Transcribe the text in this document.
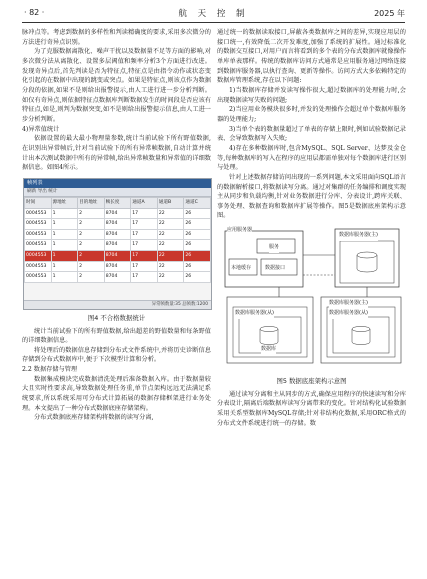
· 82 ·	航 天 控 制	2025 年

脉冲点等。考虑到数据的多样性和判读精确度的要求,采用多次微分的方法进行奇异点识别。

为了克服数据离散化、噪声干扰以及数据量不足等方面的影响,对多次微分法从离散化、设置多层阈值和频率分析3个方面进行改进。发现奇异点后,首先判读是否为特征点,特征点是由指令动作或状态变化引起的在数据中出现的跳变或突点。如果是特征点,则该点作为数据分段的依据,如果不是则给出报警提示,由人工进行进一步分析判断。如仅有奇异点,则依据特征点数据库判断数据发生的时间段是否应该有特征点,如是,则判为数据突变,如不是则给出报警提示信息,由人工进一步分析判断。

4)异常值统计

依据设置的最大最小物理量参数,统计当前试验下所有野值数据,在识别出异常帧后,针对当前试验下的所有异常帧数据,自动计算并统计出本次测试数据中所有的异常帧,给出异常帧数量和异常值的详细数据信息。如图4所示。

帧列表
刷新 导出 统计
时间	源地址	目的地址	帧长度	通道A	通道B	通道C
0004553	1	2	8704	17	22	26
0004553	1	2	8704	17	22	26
0004553	1	2	8704	17	22	26
0004553	1	2	8704	17	22	26
0004553	1	2	8704	17	22	26
0004553	1	2	8704	17	22	26
0004553	1	2	8704	17	22	26
异常帧数量:35 总帧数:1200
图4 不合格数据统计

统计当前试验下的所有野值数据,给出超差的野值数量和每条野值的详细数据信息。

将处理后的数据信息存储到分布式文件系统中,并将历史诊断信息存储到分布式数据库中,便于下次模型计算和分析。

2.2 数据存储与管理

数据集成模块完成数据清洗处理后准备数据入库。由于数据量较大且实时性要求高,导致数据处理任务重,单节点架构远远无法满足系统要求,所以系统采用可分布式计算拓展的数据存储框架进行业务处理。本文提出了一种分布式数据底座存储架构。

分布式数据底座存储架构将数据的读写分离,

通过统一的数据读取接口,屏蔽各类数据库之间的差异,实现应用层的接口统一,有效降低二次开发难度,加强了系统的扩展性。通过标准化的数据交互接口,对用户而言将看到的多个表的分布式数据库就像操作单库单表那样。传统的数据库访问方式通常是应用服务通过网络连接到数据库服务器,以执行查询、更新等操作。访问方式大多依赖特定的数据库管理系统,存在以下问题:

1)当数据库存储并发读写操作很大,超过数据库的处理能力时,会出现数据读写失败的问题;

2)当应用业务模块很多时,并发的处理操作会超过单个数据库服务器的处理能力;

3)当单个表的数据量超过了单表的存储上限时,例如试验数据记录表、会导致数据写入失败;

4)存在多种数据库时,包含MySQL、SQL Server、达梦及金仓等,每种数据库的写入在程序的应用层都需单独对每个数据库进行区别与处理。

针对上述数据存储访问出现的一系列问题,本文采用面向SQL语言的数据解析接口,将数据读写分离。通过对集群的任务编排和调度实现主从同步和负载均衡,针对业务数据进行分库、分表设计,跨库关联、事务处理、数据查询和数据库扩展等操作。图5是数据底座架构示意图。

应用服务器
服务
本地缓存	数据接口
数据库服务器(主)
数据库服务器(从)	数据库服务器(从)
数据库服务器(主)
数据库
图5 数据底座架构示意图

通过读写分离和主从同步的方式,确保应用程序的快速读写和分库分表设计,隔离后端数据库读写分离带来的变化。针对结构化试验数据采用关系型数据库MySQL存储;针对非结构化数据,采用ORC格式的分布式文件系统进行统一的存储。数
